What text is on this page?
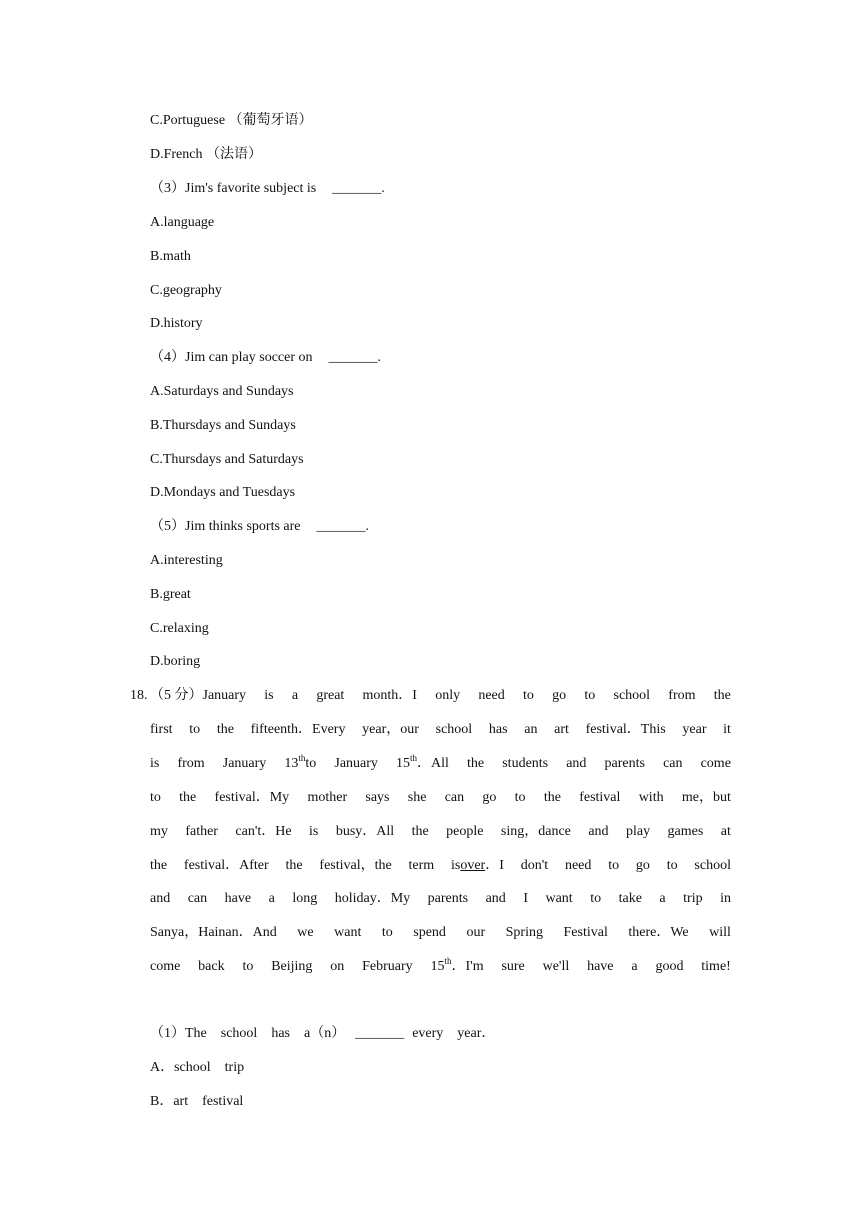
C.Portuguese （葡萄牙语）
D.French （法语）
（3）Jim's favorite subject is _______.
A.language
B.math
C.geography
D.history
（4）Jim can play soccer on _______.
A.Saturdays and Sundays
B.Thursdays and Sundays
C.Thursdays and Saturdays
D.Mondays and Tuesdays
（5）Jim thinks sports are _______.
A.interesting
B.great
C.relaxing
D.boring
18. （5 分）January is a great month．I only need to go to school from the
first to the fifteenth．Every year，our school has an art festival．This year it
is from January 13thto January 15th．All the students and parents can come
to the festival．My mother says she can go to the festival with me，but
my father can't．He is busy．All the people sing，dance and play games at
the festival．After the festival，the term isover．I don't need to go to school
and can have a long holiday．My parents and I want to take a trip in
Sanya，Hainan．And we want to spend our Spring Festival there．We will
come back to Beijing on February 15th．I'm sure we'll have a good time!
（1）The　school　has　a（n） _______ every　year．
A．school　trip
B．art　festival
